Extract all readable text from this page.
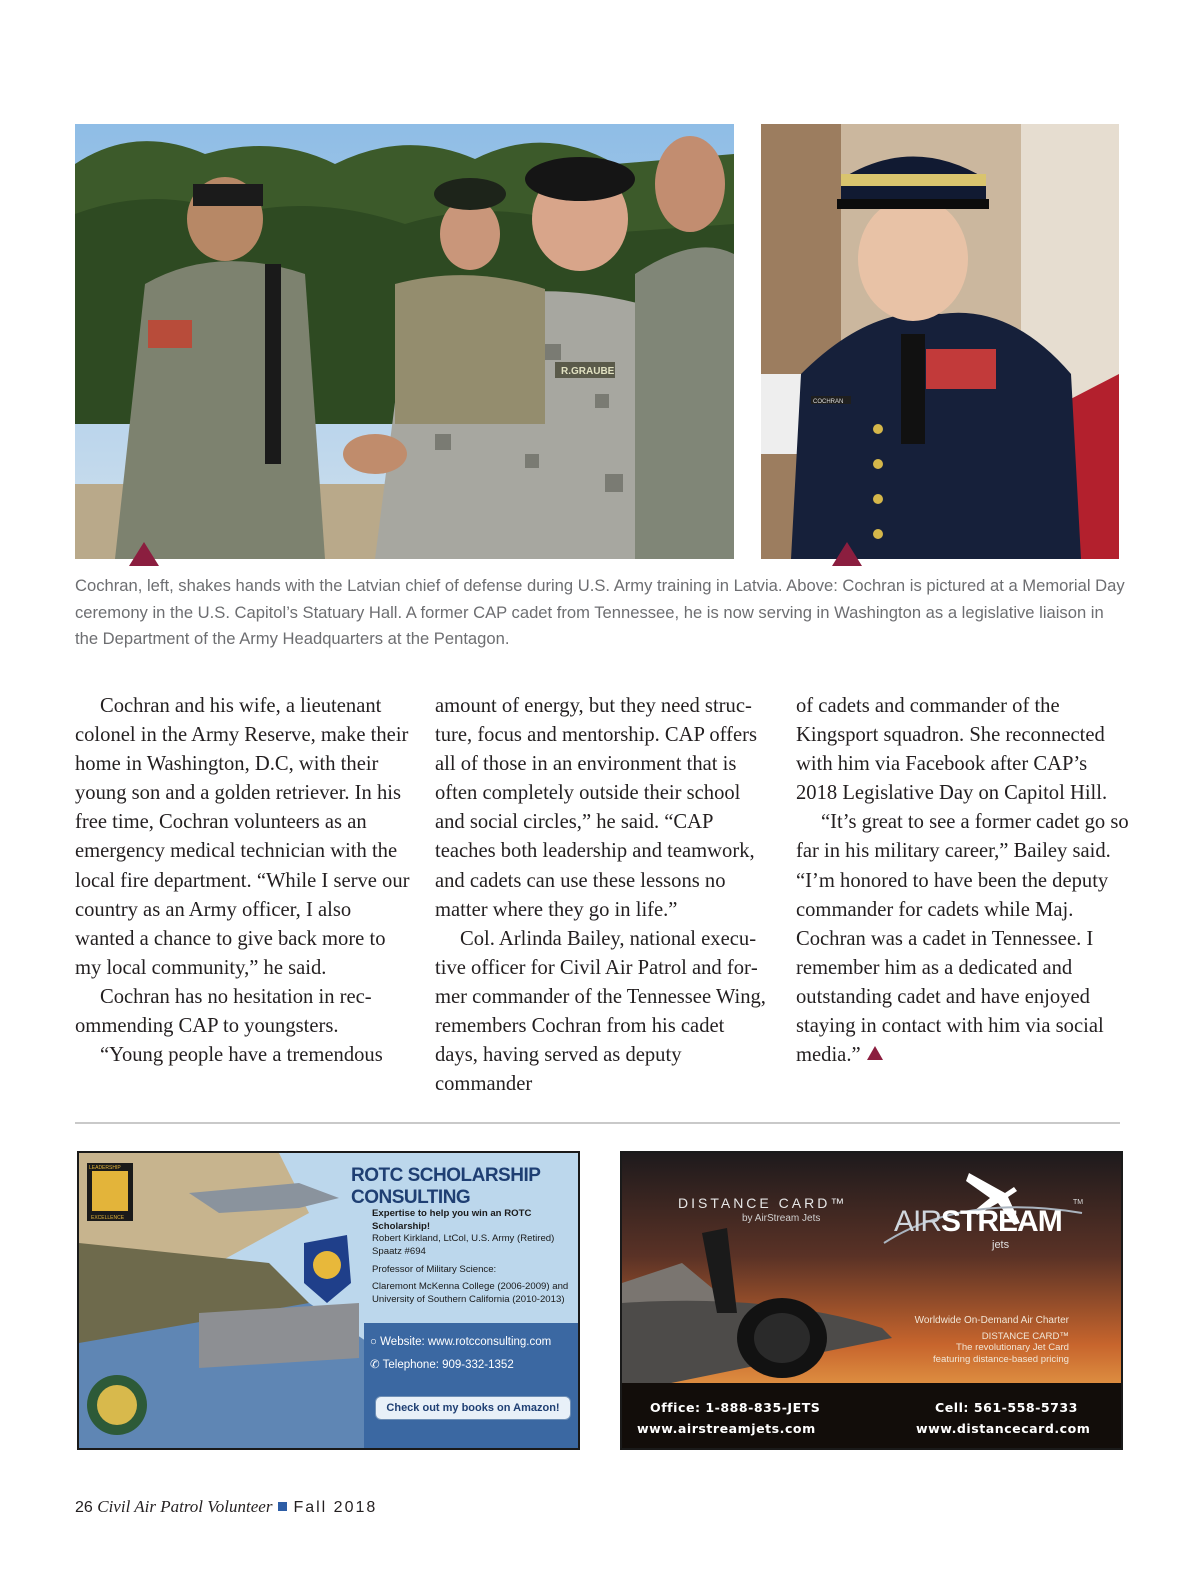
R.GRAUBE
COCHRAN
Cochran, left, shakes hands with the Latvian chief of defense during U.S. Army training in Latvia. Above: Cochran is pictured at a Memorial Day ceremony in the U.S. Capitol’s Statuary Hall. A former CAP cadet from Tennessee, he is now serving in Washington as a legislative liaison in the Department of the Army Headquarters at the Pentagon.

Cochran and his wife, a lieutenant colonel in the Army Reserve, make their home in Washington, D.C, with their young son and a golden retriever. In his free time, Cochran volunteers as an emergency medical technician with the local fire department. “While I serve our country as an Army officer, I also wanted a chance to give back more to my local community,” he said.

Cochran has no hesitation in recommending CAP to youngsters.

“Young people have a tremendous

amount of energy, but they need structure, focus and mentorship. CAP offers all of those in an environment that is often completely outside their school and social circles,” he said. “CAP teaches both leadership and teamwork, and cadets can use these lessons no matter where they go in life.”

Col. Arlinda Bailey, national executive officer for Civil Air Patrol and former commander of the Tennessee Wing, remembers Cochran from his cadet days, having served as deputy commander

of cadets and commander of the Kingsport squadron. She reconnected with him via Facebook after CAP’s 2018 Legislative Day on Capitol Hill.

“It’s great to see a former cadet go so far in his military career,” Bailey said. “I’m honored to have been the deputy commander for cadets while Maj. Cochran was a cadet in Tennessee. I remember him as a dedicated and outstanding cadet and have enjoyed staying in contact with him via social media.”

LEADERSHIP
EXCELLENCE
ROTC SCHOLARSHIP CONSULTING
Expertise to help you win an ROTC Scholarship!
Robert Kirkland, LtCol, U.S. Army (Retired)
Spaatz #694
Professor of Military Science:
Claremont McKenna College (2006-2009) and University of Southern California (2010-2013)
○ Website: www.rotcconsulting.com
✆ Telephone: 909-332-1352
Check out my books on Amazon!
DISTANCE CARD™
by AirStream Jets AIRSTREAM
jets
TM
Worldwide On-Demand Air Charter
DISTANCE CARD™
The revolutionary Jet Card
featuring distance-based pricing
Office: 1-888-835-JETS	Cell: 561-558-5733
www.airstreamjets.com	www.distancecard.com
26 Civil Air Patrol Volunteer Fall 2018
